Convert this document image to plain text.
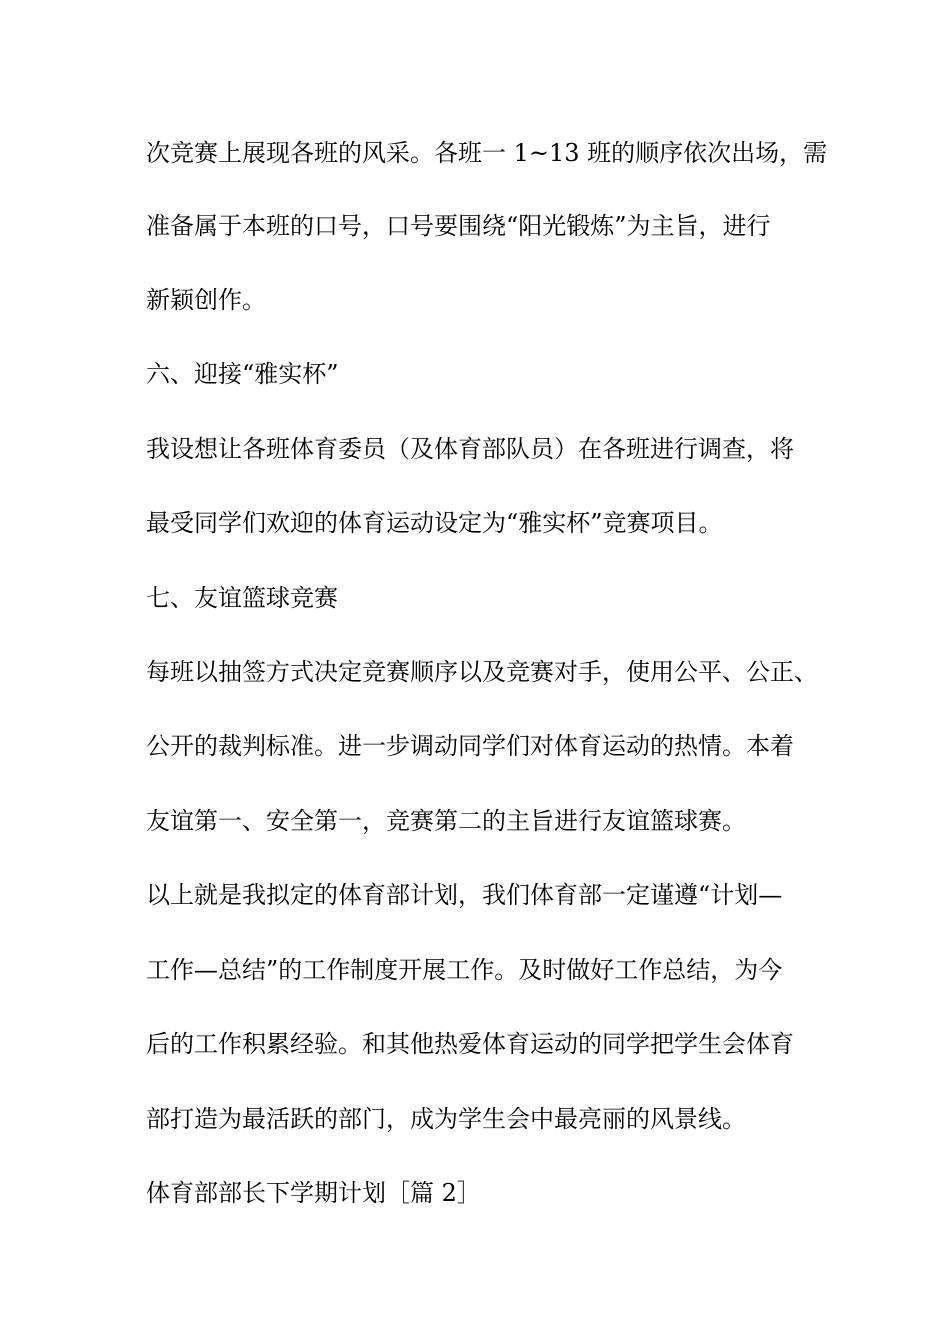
次竞赛上展现各班的风采。各班一 1~13 班的顺序依次出场，需
准备属于本班的口号，口号要围绕“阳光锻炼”为主旨，进行
新颖创作。
六、迎接“雅实杯”
我设想让各班体育委员（及体育部队员）在各班进行调查，将
最受同学们欢迎的体育运动设定为“雅实杯”竞赛项目。
七、友谊篮球竞赛
每班以抽签方式决定竞赛顺序以及竞赛对手，使用公平、公正、
公开的裁判标准。进一步调动同学们对体育运动的热情。本着
友谊第一、安全第一，竞赛第二的主旨进行友谊篮球赛。
以上就是我拟定的体育部计划，我们体育部一定谨遵“计划—
工作—总结”的工作制度开展工作。及时做好工作总结，为今
后的工作积累经验。和其他热爱体育运动的同学把学生会体育
部打造为最活跃的部门，成为学生会中最亮丽的风景线。
体育部部长下学期计划［篇 2］
